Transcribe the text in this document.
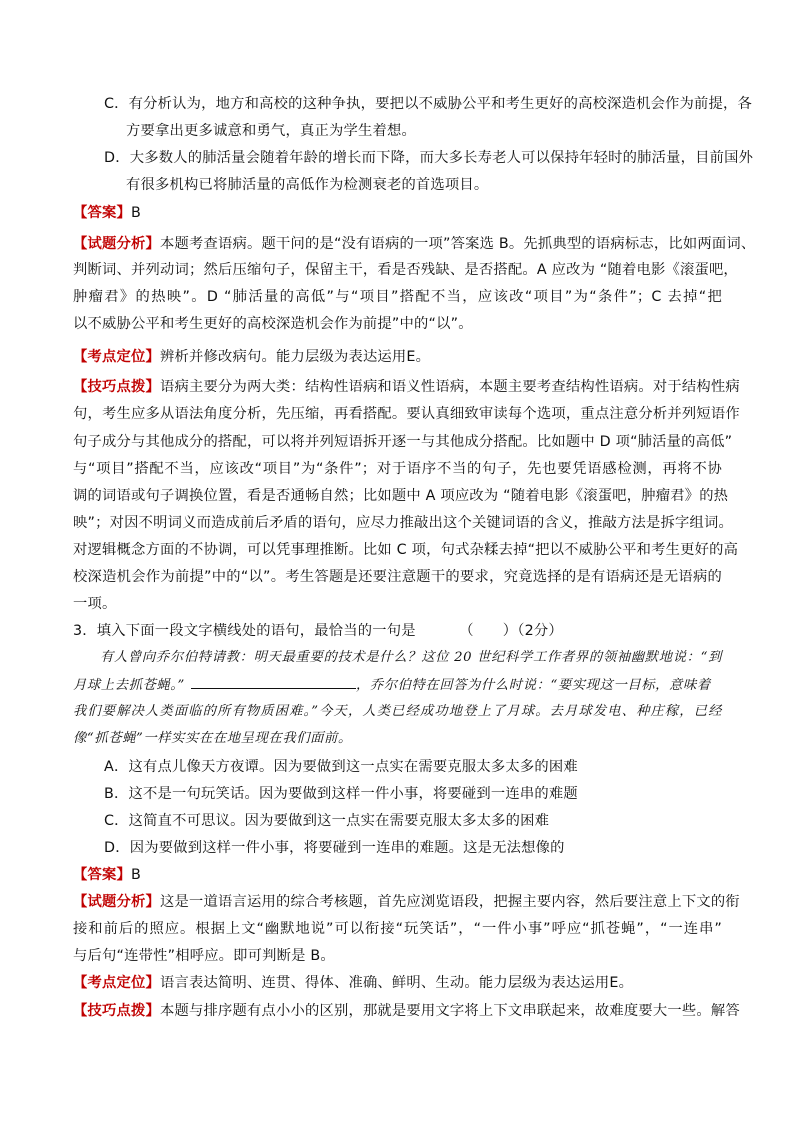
C．有分析认为，地方和高校的这种争执，要把以不威胁公平和考生更好的高校深造机会作为前提，各
方要拿出更多诚意和勇气，真正为学生着想。
D．大多数人的肺活量会随着年龄的增长而下降，而大多长寿老人可以保持年轻时的肺活量，目前国外
有很多机构已将肺活量的高低作为检测衰老的首选项目。
【答案】B
【试题分析】本题考查语病。题干问的是“没有语病的一项”答案选 B。先抓典型的语病标志，比如两面词、
判断词、并列动词；然后压缩句子，保留主干，看是否残缺、是否搭配。A 应改为 “随着电影《滚蛋吧，
肿瘤君》的热映”。D “肺活量的高低”与“项目”搭配不当，应该改“项目”为“条件”；C 去掉“把
以不威胁公平和考生更好的高校深造机会作为前提”中的“以”。
【考点定位】辨析并修改病句。能力层级为表达运用E。
【技巧点拨】语病主要分为两大类：结构性语病和语义性语病，本题主要考查结构性语病。对于结构性病
句，考生应多从语法角度分析，先压缩，再看搭配。要认真细致审读每个选项，重点注意分析并列短语作
句子成分与其他成分的搭配，可以将并列短语拆开逐一与其他成分搭配。比如题中 D 项“肺活量的高低”
与“项目”搭配不当，应该改“项目”为“条件”；对于语序不当的句子，先也要凭语感检测，再将不协
调的词语或句子调换位置，看是否通畅自然；比如题中 A 项应改为 “随着电影《滚蛋吧，肿瘤君》的热
映”；对因不明词义而造成前后矛盾的语句，应尽力推敲出这个关键词语的含义，推敲方法是拆字组词。
对逻辑概念方面的不协调，可以凭事理推断。比如 C 项，句式杂糅去掉“把以不威胁公平和考生更好的高
校深造机会作为前提”中的“以”。考生答题是还要注意题干的要求，究竟选择的是有语病还是无语病的
一项。
3．填入下面一段文字横线处的语句，最恰当的一句是	（　　）（2分）
有人曾向乔尔伯特请教：明天最重要的技术是什么？这位 20 世纪科学工作者界的领袖幽默地说：“到
月球上去抓苍蝇。”	，乔尔伯特在回答为什么时说：“要实现这一目标，意味着
我们要解决人类面临的所有物质困难。”今天，人类已经成功地登上了月球。去月球发电、种庄稼，已经
像“抓苍蝇”一样实实在在地呈现在我们面前。
A．这有点儿像天方夜谭。因为要做到这一点实在需要克服太多太多的困难
B．这不是一句玩笑话。因为要做到这样一件小事，将要碰到一连串的难题
C．这简直不可思议。因为要做到这一点实在需要克服太多太多的困难
D．因为要做到这样一件小事，将要碰到一连串的难题。这是无法想像的
【答案】B
【试题分析】这是一道语言运用的综合考核题，首先应浏览语段，把握主要内容，然后要注意上下文的衔
接和前后的照应。根据上文“幽默地说”可以衔接“玩笑话”，“一件小事”呼应“抓苍蝇”，“一连串”
与后句“连带性”相呼应。即可判断是 B。
【考点定位】语言表达简明、连贯、得体、准确、鲜明、生动。能力层级为表达运用E。
【技巧点拨】本题与排序题有点小小的区别，那就是要用文字将上下文串联起来，故难度要大一些。解答
